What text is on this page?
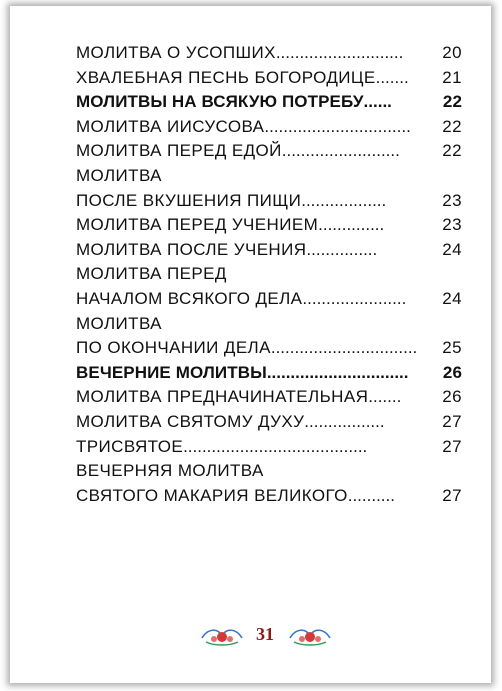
МОЛИТВА О УСОПШИХ........................... 20
ХВАЛЕБНАЯ ПЕСНЬ БОГОРОДИЦЕ....... 21
МОЛИТВЫ НА ВСЯКУЮ ПОТРЕБУ......	22
МОЛИТВА ИИСУСОВА............................... 22
МОЛИТВА ПЕРЕД ЕДОЙ......................... 22
МОЛИТВА
ПОСЛЕ ВКУШЕНИЯ ПИЩИ..................	23
МОЛИТВА ПЕРЕД УЧЕНИЕМ..............	23
МОЛИТВА ПОСЛЕ УЧЕНИЯ...............	24
МОЛИТВА ПЕРЕД
НАЧАЛОМ ВСЯКОГО ДЕЛА...................... 24
МОЛИТВА
ПО ОКОНЧАНИИ ДЕЛА............................... 25
ВЕЧЕРНИЕ МОЛИТВЫ.............................. 26
МОЛИТВА ПРЕДНАЧИНАТЕЛЬНАЯ....... 26
МОЛИТВА СВЯТОМУ ДУХУ.................	27
ТРИСВЯТОЕ.......................................	27
ВЕЧЕРНЯЯ МОЛИТВА
СВЯТОГО МАКАРИЯ ВЕЛИКОГО..........	27
31
